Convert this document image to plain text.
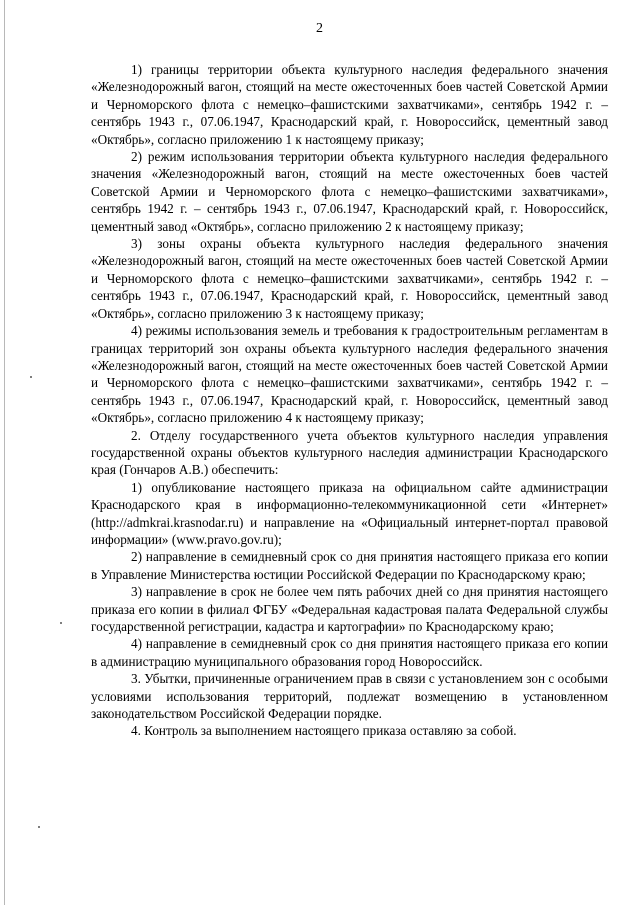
2

1) границы территории объекта культурного наследия федерального значения «Железнодорожный вагон, стоящий на месте ожесточенных боев частей Советской Армии и Черноморского флота с немецко–фашистскими захватчиками», сентябрь 1942 г. – сентябрь 1943 г., 07.06.1947, Краснодарский край, г. Новороссийск, цементный завод «Октябрь», согласно приложению 1 к настоящему приказу;

2) режим использования территории объекта культурного наследия федерального значения «Железнодорожный вагон, стоящий на месте ожесточенных боев частей Советской Армии и Черноморского флота с немецко–фашистскими захватчиками», сентябрь 1942 г. – сентябрь 1943 г., 07.06.1947, Краснодарский край, г. Новороссийск, цементный завод «Октябрь», согласно приложению 2 к настоящему приказу;

3) зоны охраны объекта культурного наследия федерального значения «Железнодорожный вагон, стоящий на месте ожесточенных боев частей Советской Армии и Черноморского флота с немецко–фашистскими захватчиками», сентябрь 1942 г. – сентябрь 1943 г., 07.06.1947, Краснодарский край, г. Новороссийск, цементный завод «Октябрь», согласно приложению 3 к настоящему приказу;

4) режимы использования земель и требования к градостроительным регламентам в границах территорий зон охраны объекта культурного наследия федерального значения «Железнодорожный вагон, стоящий на месте ожесточенных боев частей Советской Армии и Черноморского флота с немецко–фашистскими захватчиками», сентябрь 1942 г. – сентябрь 1943 г., 07.06.1947, Краснодарский край, г. Новороссийск, цементный завод «Октябрь», согласно приложению 4 к настоящему приказу;

2. Отделу государственного учета объектов культурного наследия управления государственной охраны объектов культурного наследия администрации Краснодарского края (Гончаров А.В.) обеспечить:

1) опубликование настоящего приказа на официальном сайте администрации Краснодарского края в информационно-телекоммуникационной сети «Интернет» (http://admkrai.krasnodar.ru) и направление на «Официальный интернет-портал правовой информации» (www.pravo.gov.ru);

2) направление в семидневный срок со дня принятия настоящего приказа его копии в Управление Министерства юстиции Российской Федерации по Краснодарскому краю;

3) направление в срок не более чем пять рабочих дней со дня принятия настоящего приказа его копии в филиал ФГБУ «Федеральная кадастровая палата Федеральной службы государственной регистрации, кадастра и картографии» по Краснодарскому краю;

4) направление в семидневный срок со дня принятия настоящего приказа его копии в администрацию муниципального образования город Новороссийск.

3. Убытки, причиненные ограничением прав в связи с установлением зон с особыми условиями использования территорий, подлежат возмещению в установленном законодательством Российской Федерации порядке.

4. Контроль за выполнением настоящего приказа оставляю за собой.
